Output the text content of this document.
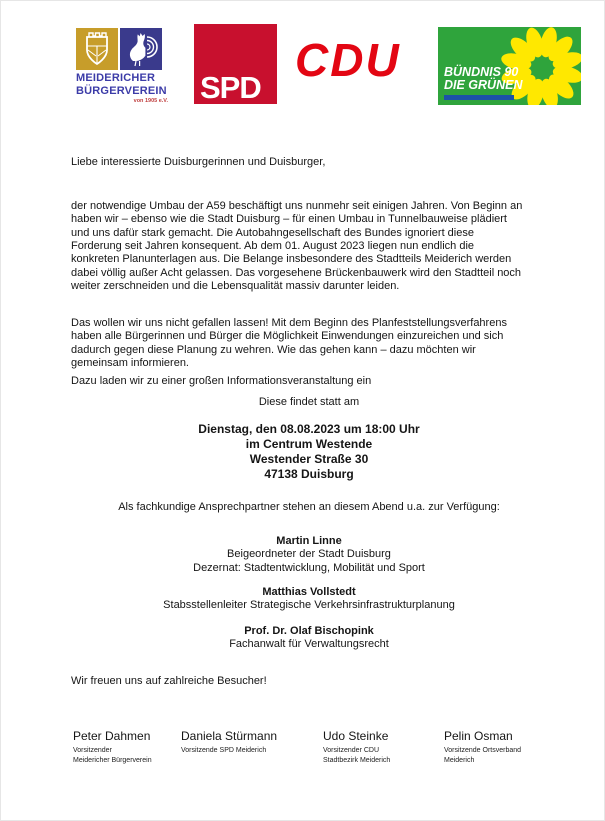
MEIDERICHER
BÜRGERVEREIN
von 1905 e.V. SPD
CDU	BÜNDNIS 90
DIE GRÜNEN
Liebe interessierte Duisburgerinnen und Duisburger,
der notwendige Umbau der A59 beschäftigt uns nunmehr seit einigen Jahren. Von Beginn an
haben wir – ebenso wie die Stadt Duisburg – für einen Umbau in Tunnelbauweise plädiert
und uns dafür stark gemacht. Die Autobahngesellschaft des Bundes ignoriert diese
Forderung seit Jahren konsequent. Ab dem 01. August 2023 liegen nun endlich die
konkreten Planunterlagen aus. Die Belange insbesondere des Stadtteils Meiderich werden
dabei völlig außer Acht gelassen. Das vorgesehene Brückenbauwerk wird den Stadtteil noch
weiter zerschneiden und die Lebensqualität massiv darunter leiden.
Das wollen wir uns nicht gefallen lassen! Mit dem Beginn des Planfeststellungsverfahrens
haben alle Bürgerinnen und Bürger die Möglichkeit Einwendungen einzureichen und sich
dadurch gegen diese Planung zu wehren. Wie das gehen kann – dazu möchten wir
gemeinsam informieren.
Dazu laden wir zu einer großen Informationsveranstaltung ein
Diese findet statt am
Dienstag, den 08.08.2023 um 18:00 Uhr
im Centrum Westende
Westender Straße 30
47138 Duisburg
Als fachkundige Ansprechpartner stehen an diesem Abend u.a. zur Verfügung:
Martin Linne
Beigeordneter der Stadt Duisburg
Dezernat: Stadtentwicklung, Mobilität und Sport
Matthias Vollstedt
Stabsstellenleiter Strategische Verkehrsinfrastrukturplanung
Prof. Dr. Olaf Bischopink
Fachanwalt für Verwaltungsrecht
Wir freuen uns auf zahlreiche Besucher!
Peter Dahmen
Vorsitzender
Meidericher Bürgerverein
Daniela Stürmann
Vorsitzende SPD Meiderich
Udo Steinke
Vorsitzender CDU
Stadtbezirk Meiderich
Pelin Osman
Vorsitzende Ortsverband
Meiderich
